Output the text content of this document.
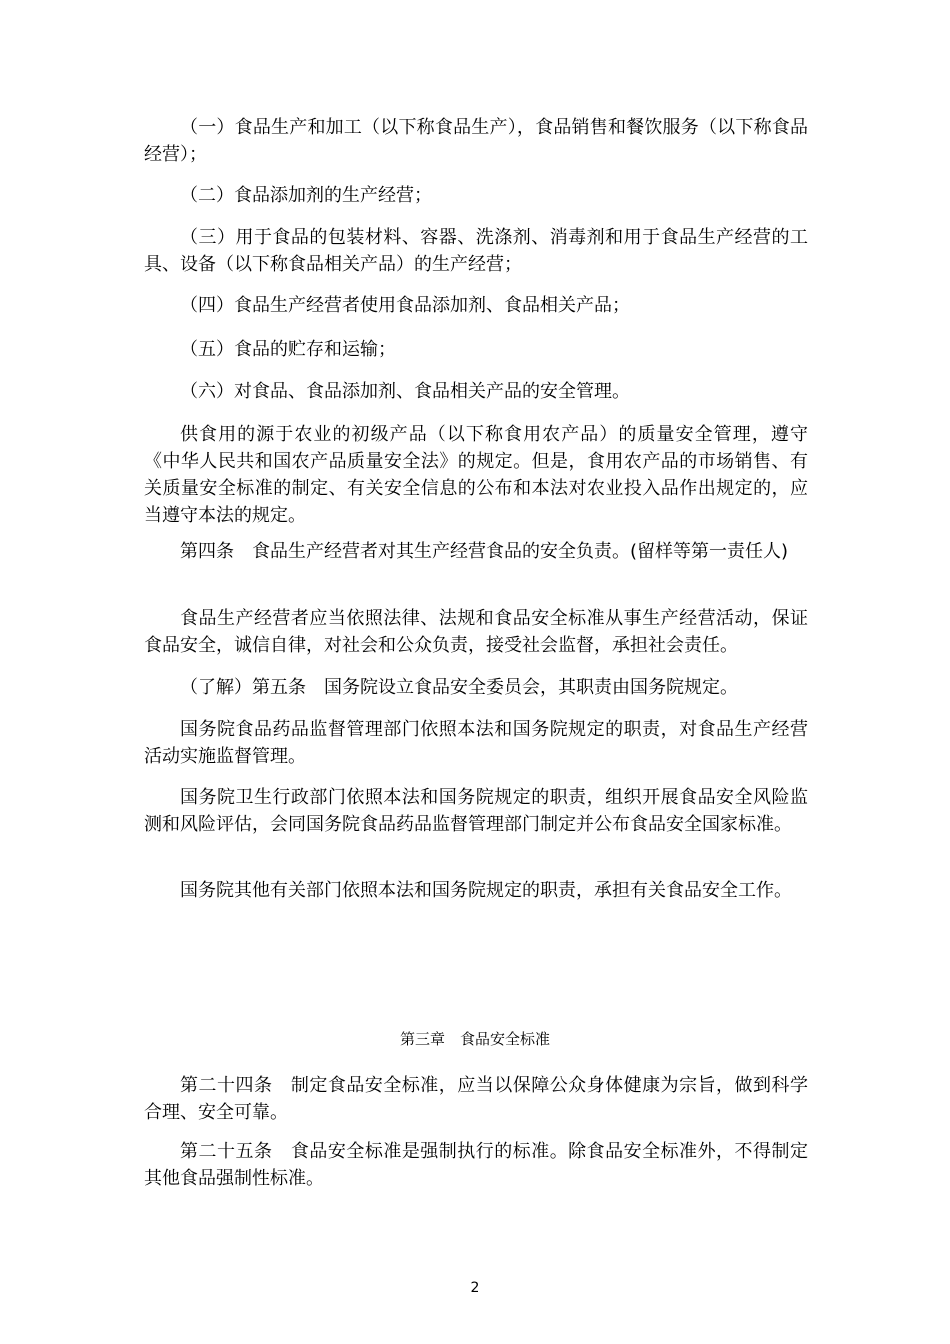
（一）食品生产和加工（以下称食品生产），食品销售和餐饮服务（以下称食品经营）；

（二）食品添加剂的生产经营；

（三）用于食品的包装材料、容器、洗涤剂、消毒剂和用于食品生产经营的工具、设备（以下称食品相关产品）的生产经营；

（四）食品生产经营者使用食品添加剂、食品相关产品；

（五）食品的贮存和运输；

（六）对食品、食品添加剂、食品相关产品的安全管理。

供食用的源于农业的初级产品（以下称食用农产品）的质量安全管理，遵守《中华人民共和国农产品质量安全法》的规定。但是，食用农产品的市场销售、有关质量安全标准的制定、有关安全信息的公布和本法对农业投入品作出规定的，应当遵守本法的规定。

第四条　食品生产经营者对其生产经营食品的安全负责。(留样等第一责任人)

食品生产经营者应当依照法律、法规和食品安全标准从事生产经营活动，保证食品安全，诚信自律，对社会和公众负责，接受社会监督，承担社会责任。

（了解）第五条　国务院设立食品安全委员会，其职责由国务院规定。

国务院食品药品监督管理部门依照本法和国务院规定的职责，对食品生产经营活动实施监督管理。

国务院卫生行政部门依照本法和国务院规定的职责，组织开展食品安全风险监测和风险评估，会同国务院食品药品监督管理部门制定并公布食品安全国家标准。

国务院其他有关部门依照本法和国务院规定的职责，承担有关食品安全工作。

第三章　食品安全标准

第二十四条　制定食品安全标准，应当以保障公众身体健康为宗旨，做到科学合理、安全可靠。

第二十五条　食品安全标准是强制执行的标准。除食品安全标准外，不得制定其他食品强制性标准。

2
